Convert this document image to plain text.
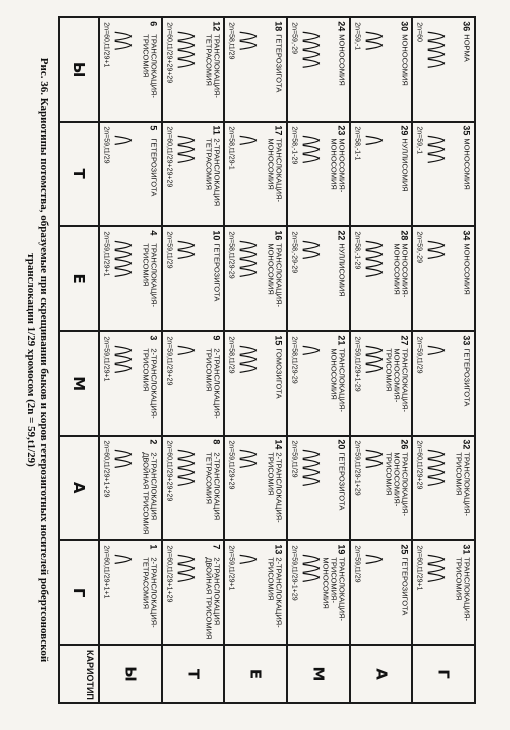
КАРИОТИП	Г	А	М	Е	Т	Ы

Ы	1
2-ТРАНСЛОКАЦИЯ-ТЕТРАСОМИЯ
2n=60,t1/29+1+1	2
2-ТРАНСЛОКАЦИЯ ДВОЙНАЯ ТРИСОМИЯ
2n=60,t1/29+1+29	3
2-ТРАНСЛОКАЦИЯ-ТРИСОМИЯ
2n=59,t1/29+1	4
ТРАНСЛОКАЦИЯ-ТРИСОМИЯ
2n=59,t1/29+1	5
ГЕТЕРОЗИГОТА
2n=59,t1/29	6
ТРАНСЛОКАЦИЯ-ТРИСОМИЯ
2n=60,t1/29+1

Т	7
2-ТРАНСЛОКАЦИЯ ДВОЙНАЯ ТРИСОМИЯ
2n=60,t1/29+1+29	8
2-ТРАНСЛОКАЦИЯ ТЕТРАСОМИЯ
2n=60,t1/29+29+29	9
2-ТРАНСЛОКАЦИЯ-ТРИСОМИЯ
2n=59,t1/29+29	10
ГЕТЕРОЗИГОТА
2n=59,t1/29	11
2-ТРАНСЛОКАЦИЯ ТЕТРАСОМИЯ
2n=60,t1/29+29+29	12
ТРАНСЛОКАЦИЯ-ТЕТРАСОМИЯ
2n=60,t1/29+29+29

Е	13
2-ТРАНСЛОКАЦИЯ-ТРИСОМИЯ
2n=59,t1/29+1	14
2-ТРАНСЛОКАЦИЯ-ТРИСОМИЯ
2n=59,t1/29+29	15
ГОМОЗИГОТА
2n=58,t1/29	16
ТРАНСЛОКАЦИЯ-МОНОСОМИЯ
2n=58,t1/29-29	17
ТРАНСЛОКАЦИЯ-МОНОСОМИЯ
2n=58,t1/29-1	18
ГЕТЕРОЗИГОТА
2n=58,t1/29

М	19
ТРАНСЛОКАЦИЯ-ТРИСОМИЯ-МОНОСОМИЯ
2n=59,t1/29-1+29	20
ГЕТЕРОЗИГОТА
2n=59,t1/29	21
ТРАНСЛОКАЦИЯ-МОНОСОМИЯ
2n=58,t1/29-29	22
НУЛЛИСОМИЯ
2n=58,-29-29	23
МОНОСОМИЯ-МОНОСОМИЯ
2n=58,-1-29	24
МОНОСОМИЯ
2n=59,-29

А	25
ГЕТЕРОЗИГОТА
2n=59,t1/29	26
ТРАНСЛОКАЦИЯ-МОНОСОМИЯ-ТРИСОМИЯ
2n=59,t1/29-1+29	27
ТРАНСЛОКАЦИЯ-МОНОСОМИЯ-ТРИСОМИЯ
2n=59,t1/29+1-29	28
МОНОСОМИЯ-МОНОСОМИЯ
2n=58,-1-29	29
НУЛЛИСОМИЯ
2n=58,-1-1	30
МОНОСОМИЯ
2n=59,-1

Г	31
ТРАНСЛОКАЦИЯ-ТРИСОМИЯ
2n=60,t1/29+1	32
ТРАНСЛОКАЦИЯ-ТРИСОМИЯ
2n=60,t1/29+29	33
ГЕТЕРОЗИГОТА
2n=59,t1/29	34
МОНОСОМИЯ
2n=59,-29	35
МОНОСОМИЯ
2n=59,-1	36
НОРМА
2n=60
Рис. 36. Кариотипы потомства, образуемые при скрещивании быков и коров гетерозиготных носителей робертсоновской
транслокации 1/29 хромосом (2n = 59,t1/29)
